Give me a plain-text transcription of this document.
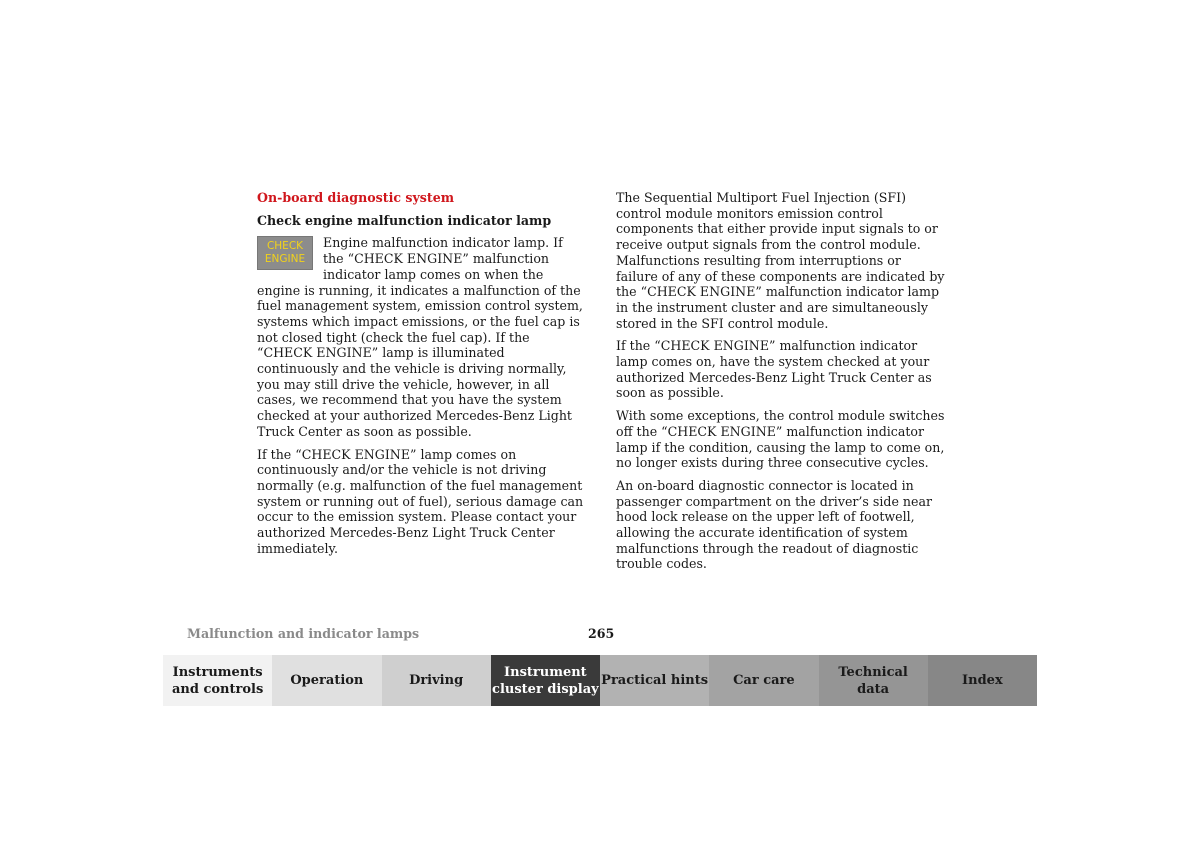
On-board diagnostic system
Check engine malfunction indicator lamp
CHECK
ENGINE

Engine malfunction indicator lamp. If the “CHECK ENGINE” malfunction indicator lamp comes on when the engine is running, it indicates a malfunction of the fuel management system, emission control system, systems which impact emissions, or the fuel cap is not closed tight (check the fuel cap). If the “CHECK ENGINE” lamp is illuminated continuously and the vehicle is driving normally, you may still drive the vehicle, however, in all cases, we recommend that you have the system checked at your authorized Mercedes-Benz Light Truck Center as soon as possible.

If the “CHECK ENGINE” lamp comes on continuously and/or the vehicle is not driving normally (e.g. malfunction of the fuel management system or running out of fuel), serious damage can occur to the emission system. Please contact your authorized Mercedes-Benz Light Truck Center immediately.

The Sequential Multiport Fuel Injection (SFI) control module monitors emission control components that either provide input signals to or receive output signals from the control module. Malfunctions resulting from interruptions or failure of any of these components are indicated by the “CHECK ENGINE” malfunction indicator lamp in the instrument cluster and are simultaneously stored in the SFI control module.

If the “CHECK ENGINE” malfunction indicator lamp comes on, have the system checked at your authorized Mercedes-Benz Light Truck Center as soon as possible.

With some exceptions, the control module switches off the “CHECK ENGINE” malfunction indicator lamp if the condition, causing the lamp to come on, no longer exists during three consecutive cycles.

An on-board diagnostic connector is located in passenger compartment on the driver’s side near hood lock release on the upper left of footwell, allowing the accurate identification of system malfunctions through the readout of diagnostic trouble codes.

Malfunction and indicator lamps	265
Instruments
and controls
Operation	Driving
Instrument
cluster display
Practical hints Car care
Technical
data
Index
